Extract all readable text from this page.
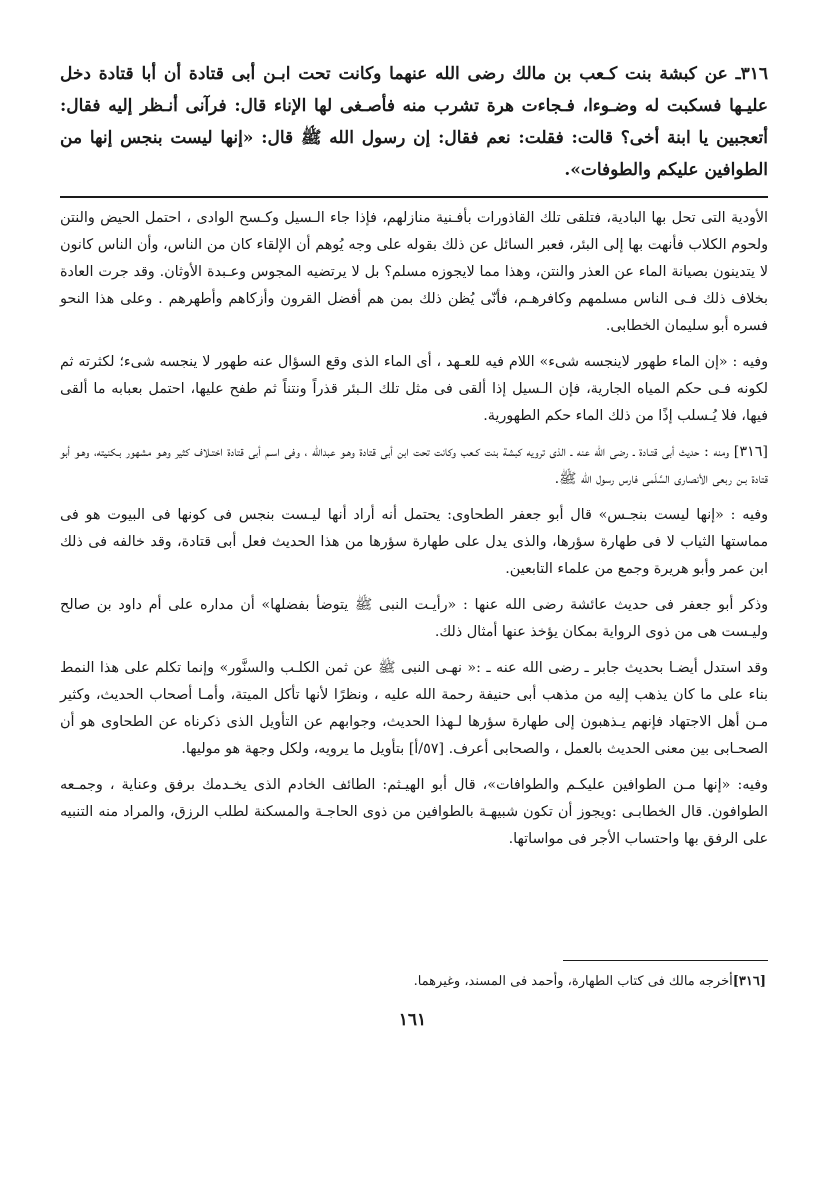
٣١٦ـ عن كبشة بنت كـعب بن مالك رضى الله عنهما وكانت تحت ابـن أبى قتادة أن أبا قتادة دخل عليـها فسكبت له وضـوءا، فـجاءت هرة تشرب منه فأصـغى لها الإناء قال: فرآنى أنـظر إليه فقال: أتعجبين يا ابنة أخى؟ قالت: فقلت: نعم فقال: إن رسول الله ﷺ قال: «إنها ليست بنجس إنها من الطوافين عليكم والطوفات».

الأودية التى تحل بها البادية، فتلقى تلك القاذورات بأفـنية منازلهم، فإذا جاء الـسيل وكـسح الوادى ، احتمل الحيض والنتن ولحوم الكلاب فأنهت بها إلى البئر، فعبر السائل عن ذلك بقوله على وجه يُوهم أن الإلقاء كان من الناس، وأن الناس كانون لا يتدينون بصيانة الماء عن العذر والنتن، وهذا مما لايجوزه مسلم؟ بل لا يرتضيه المجوس وعـبدة الأوثان. وقد جرت العادة بخلاف ذلك فـى الناس مسلمهم وكافرهـم، فأنّى يُظن ذلك بمن هم أفضل القرون وأزكاهم وأطهرهم . وعلى هذا النحو فسره أبو سليمان الخطابى.

وفيه : «إن الماء طهور لاينجسه شىء» اللام فيه للعـهد ، أى الماء الذى وقع السؤال عنه طهور لا ينجسه شىء؛ لكثرته ثم لكونه فـى حكم المياه الجارية، فإن الـسيل إذا ألقى فى مثل تلك الـبئر قذراً ونتناً ثم طفح عليها، احتمل بعبابه ما ألقى فيها، فلا يُـسلب إذًا من ذلك الماء حكم الطهورية.

[٣١٦] ومنه : حديث أبى قتـادة ـ رضى الله عنه ـ الذى ترويه كبشة بنت كـعب وكانت تحت ابن أبى قتادة وهـو عبدالله ، وفى اسـم أبى قتادة اختـلاف كثير وهـو مشهور بـكنيته، وهـو أبو قتادة بـن ربعى الأنصارى السَّلَمى فارس رسول الله ﷺ.

وفيه : «إنها ليست بنجـس» قال أبو جعفر الطحاوى: يحتمل أنه أراد أنها ليـست بنجس فى كونها فى البيوت هو فى مماستها الثياب لا فى طهارة سؤرها، والذى يدل على طهارة سؤرها من هذا الحديث فعل أبى قتادة، وقد خالفه فى ذلك ابن عمر وأبو هريرة وجمع من علماء التابعين.

وذكر أبو جعفر فى حديث عائشة رضى الله عنها : «رأيـت النبى ﷺ يتوضأ بفضلها» أن مداره على أم داود بن صالح وليـست هى من ذوى الرواية بمكان يؤخذ عنها أمثال ذلك.

وقد استدل أيضـا بحديث جابر ـ رضى الله عنه ـ :« نهـى النبى ﷺ عن ثمن الكلـب والسنَّور» وإنما تكلم على هذا النمط بناء على ما كان يذهب إليه من مذهب أبى حنيفة رحمة الله عليه ، ونظرًا لأنها تأكل الميتة، وأمـا أصحاب الحديث، وكثير مـن أهل الاجتهاد فإنهم يـذهبون إلى طهارة سؤرها لـهذا الحديث، وجوابهم عن التأويل الذى ذكرناه عن الطحاوى هو أن الصحـابى بين معنى الحديث بالعمل ، والصحابى أعرف. [٥٧/أ] بتأويل ما يرويه، ولكل وجهة هو موليها.

وفيه: «إنها مـن الطوافين عليكـم والطوافات»، قال أبو الهيـثم: الطائف الخادم الذى يخـدمك برفق وعناية ، وجمـعه الطوافون. قال الخطابـى :ويجوز أن تكون شبيهـة بالطوافين من ذوى الحاجـة والمسكنة لطلب الرزق، والمراد منه التنبيه على الرفق بها واحتساب الأجر فى مواساتها.

[٣١٦]أخرجه مالك فى كتاب الطهارة، وأحمد فى المسند، وغيرهما.
١٦١
